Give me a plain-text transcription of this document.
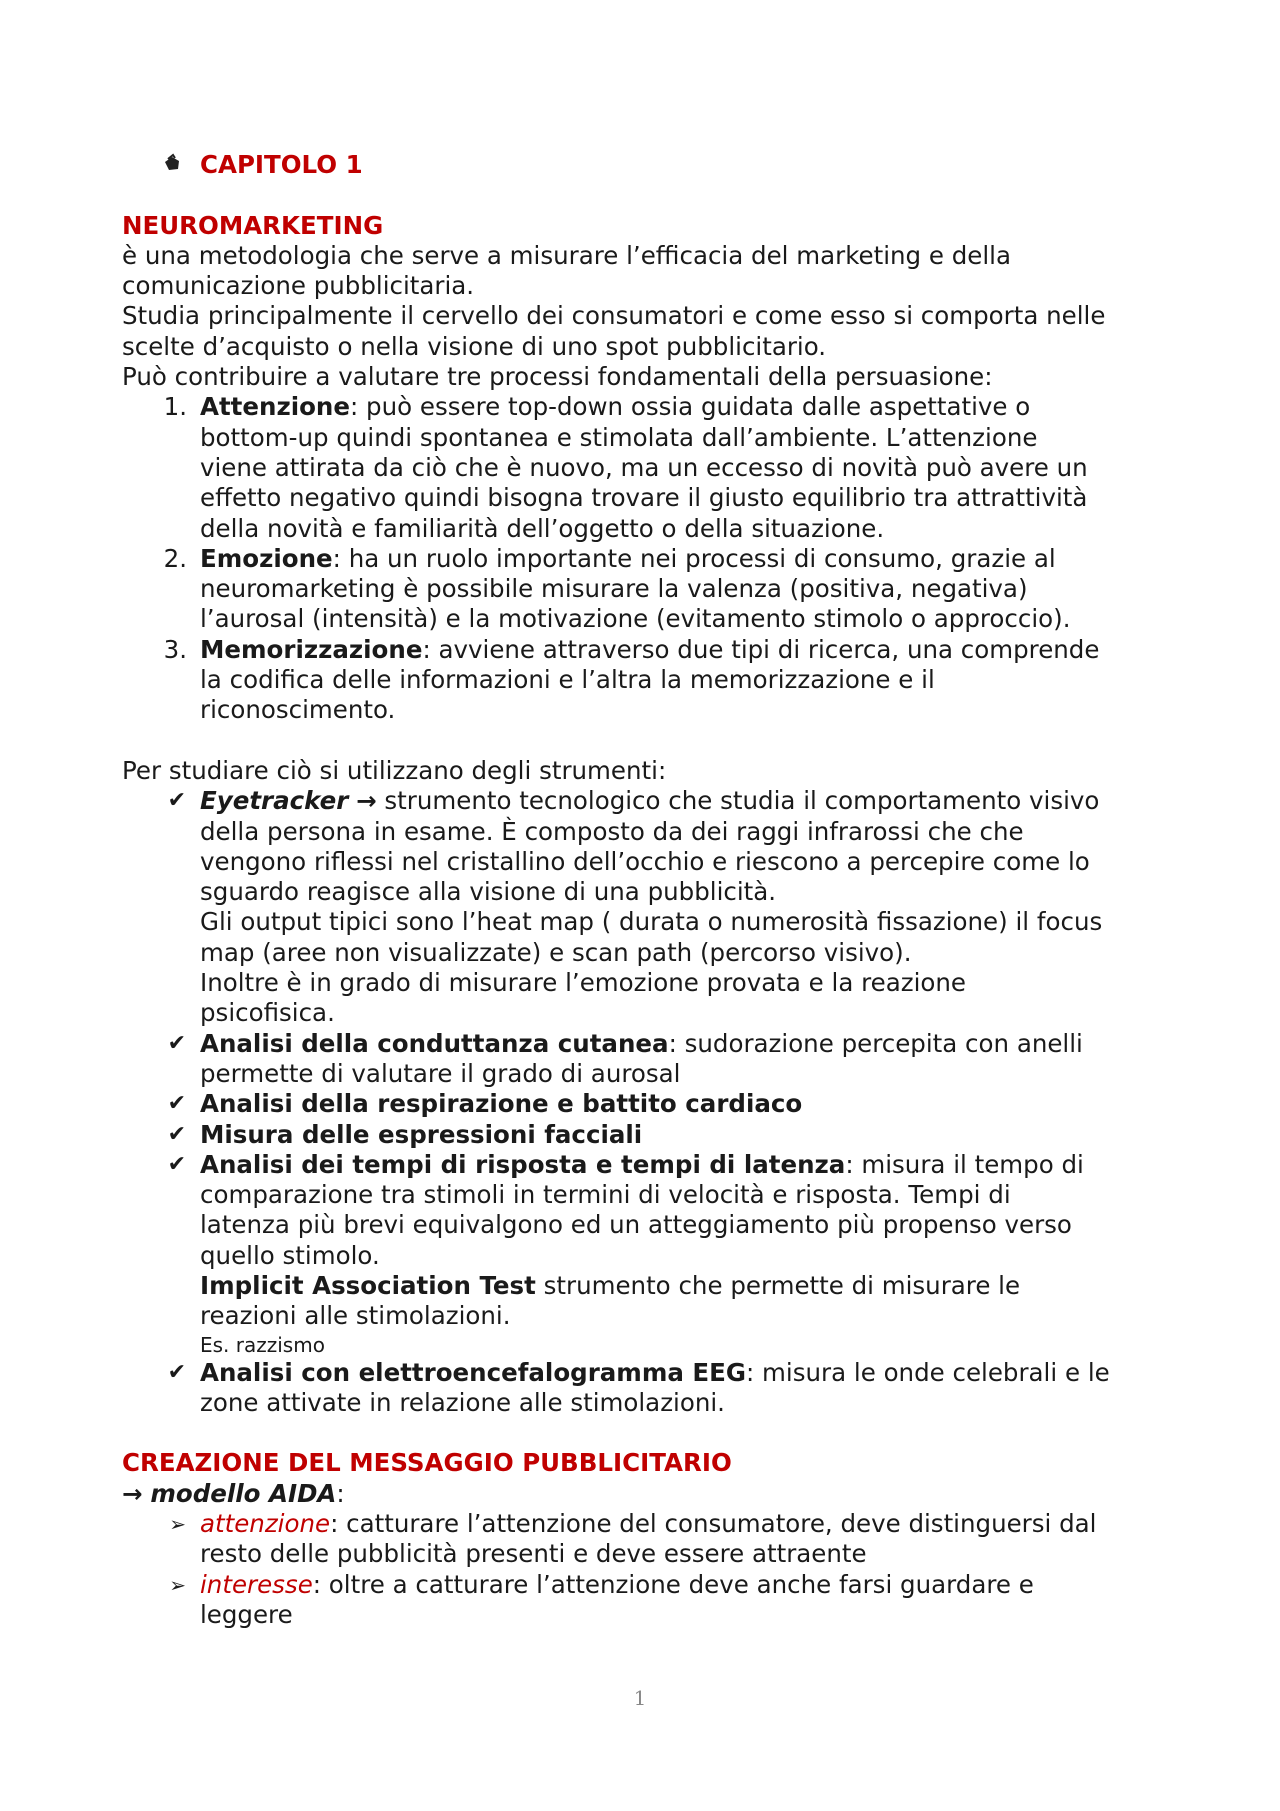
CAPITOLO 1

NEUROMARKETING

è una metodologia che serve a misurare l’efficacia del marketing e della

comunicazione pubblicitaria.

Studia principalmente il cervello dei consumatori e come esso si comporta nelle

scelte d’acquisto o nella visione di uno spot pubblicitario.

Può contribuire a valutare tre processi fondamentali della persuasione:

1. Attenzione: può essere top-down ossia guidata dalle aspettative o

bottom-up quindi spontanea e stimolata dall’ambiente. L’attenzione

viene attirata da ciò che è nuovo, ma un eccesso di novità può avere un

effetto negativo quindi bisogna trovare il giusto equilibrio tra attrattività

della novità e familiarità dell’oggetto o della situazione.

2. Emozione: ha un ruolo importante nei processi di consumo, grazie al

neuromarketing è possibile misurare la valenza (positiva, negativa)

l’aurosal (intensità) e la motivazione (evitamento stimolo o approccio).

3. Memorizzazione: avviene attraverso due tipi di ricerca, una comprende

la codifica delle informazioni e l’altra la memorizzazione e il

riconoscimento.

Per studiare ciò si utilizzano degli strumenti:

✔ Eyetracker → strumento tecnologico che studia il comportamento visivo

della persona in esame. È composto da dei raggi infrarossi che che

vengono riflessi nel cristallino dell’occhio e riescono a percepire come lo

sguardo reagisce alla visione di una pubblicità.

Gli output tipici sono l’heat map ( durata o numerosità fissazione) il focus

map (aree non visualizzate) e scan path (percorso visivo).

Inoltre è in grado di misurare l’emozione provata e la reazione

psicofisica.

✔ Analisi della conduttanza cutanea: sudorazione percepita con anelli

permette di valutare il grado di aurosal

✔ Analisi della respirazione e battito cardiaco

✔ Misura delle espressioni facciali

✔ Analisi dei tempi di risposta e tempi di latenza: misura il tempo di

comparazione tra stimoli in termini di velocità e risposta. Tempi di

latenza più brevi equivalgono ed un atteggiamento più propenso verso

quello stimolo.

Implicit Association Test strumento che permette di misurare le

reazioni alle stimolazioni.

Es. razzismo

✔ Analisi con elettroencefalogramma EEG: misura le onde celebrali e le

zone attivate in relazione alle stimolazioni.

CREAZIONE DEL MESSAGGIO PUBBLICITARIO

→ modello AIDA:

➢ attenzione: catturare l’attenzione del consumatore, deve distinguersi dal

resto delle pubblicità presenti e deve essere attraente

➢ interesse: oltre a catturare l’attenzione deve anche farsi guardare e

leggere

1
